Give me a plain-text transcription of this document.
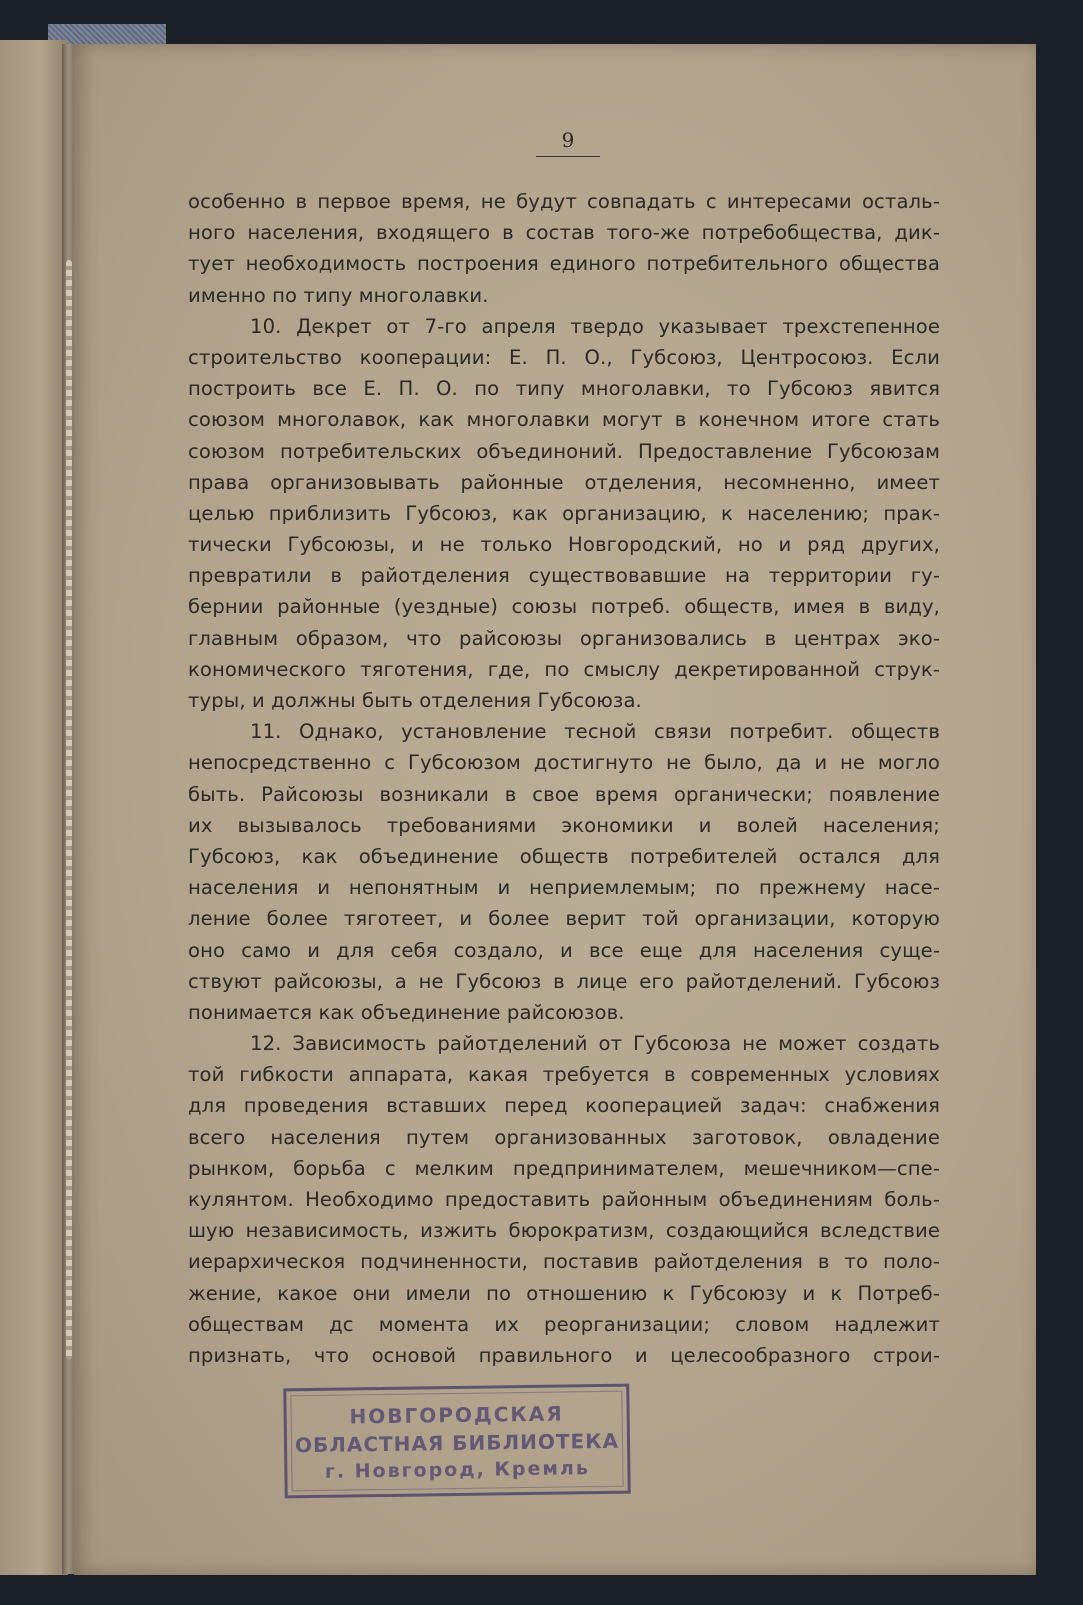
9
особенно в первое время, не будут совпадать с интересами осталь-
ного населения, входящего в состав того-же потребобщества, дик-
тует необходимость построения единого потребительного общества
именно по типу многолавки.
10. Декрет от 7-го апреля твердо указывает трехстепенное
строительство кооперации: Е. П. О., Губсоюз, Центросоюз. Если
построить все Е. П. О. по типу многолавки, то Губсоюз явится
союзом многолавок, как многолавки могут в конечном итоге стать
союзом потребительских объединоний. Предоставление Губсоюзам
права организовывать районные отделения, несомненно, имеет
целью приблизить Губсоюз, как организацию, к населению; прак-
тически Губсоюзы, и не только Новгородский, но и ряд других,
превратили в райотделения существовавшие на территории гу-
бернии районные (уездные) союзы потреб. обществ, имея в виду,
главным образом, что райсоюзы организовались в центрах эко-
кономического тяготения, где, по смыслу декретированной струк-
туры, и должны быть отделения Губсоюза.
11. Однако, установление тесной связи потребит. обществ
непосредственно с Губсоюзом достигнуто не было, да и не могло
быть. Райсоюзы возникали в свое время органически; появление
их вызывалось требованиями экономики и волей населения;
Губсоюз, как объединение обществ потребителей остался для
населения и непонятным и неприемлемым; по прежнему насе-
ление более тяготеет, и более верит той организации, которую
оно само и для себя создало, и все еще для населения суще-
ствуют райсоюзы, а не Губсоюз в лице его райотделений. Губсоюз
понимается как объединение райсоюзов.
12. Зависимость райотделений от Губсоюза не может создать
той гибкости аппарата, какая требуется в современных условиях
для проведения вставших перед кооперацией задач: снабжения
всего населения путем организованных заготовок, овладение
рынком, борьба с мелким предпринимателем, мешечником—спе-
кулянтом. Необходимо предоставить районным объединениям боль-
шую независимость, изжить бюрократизм, создающийся вследствие
иерархическоя подчиненности, поставив райотделения в то поло-
жение, какое они имели по отношению к Губсоюзу и к Потреб-
обществам дс момента их реорганизации; словом надлежит
признать, что основой правильного и целесообразного строи-
НОВГОРОДСКАЯ
ОБЛАСТНАЯ БИБЛИОТЕКА
г. Новгород, Кремль
